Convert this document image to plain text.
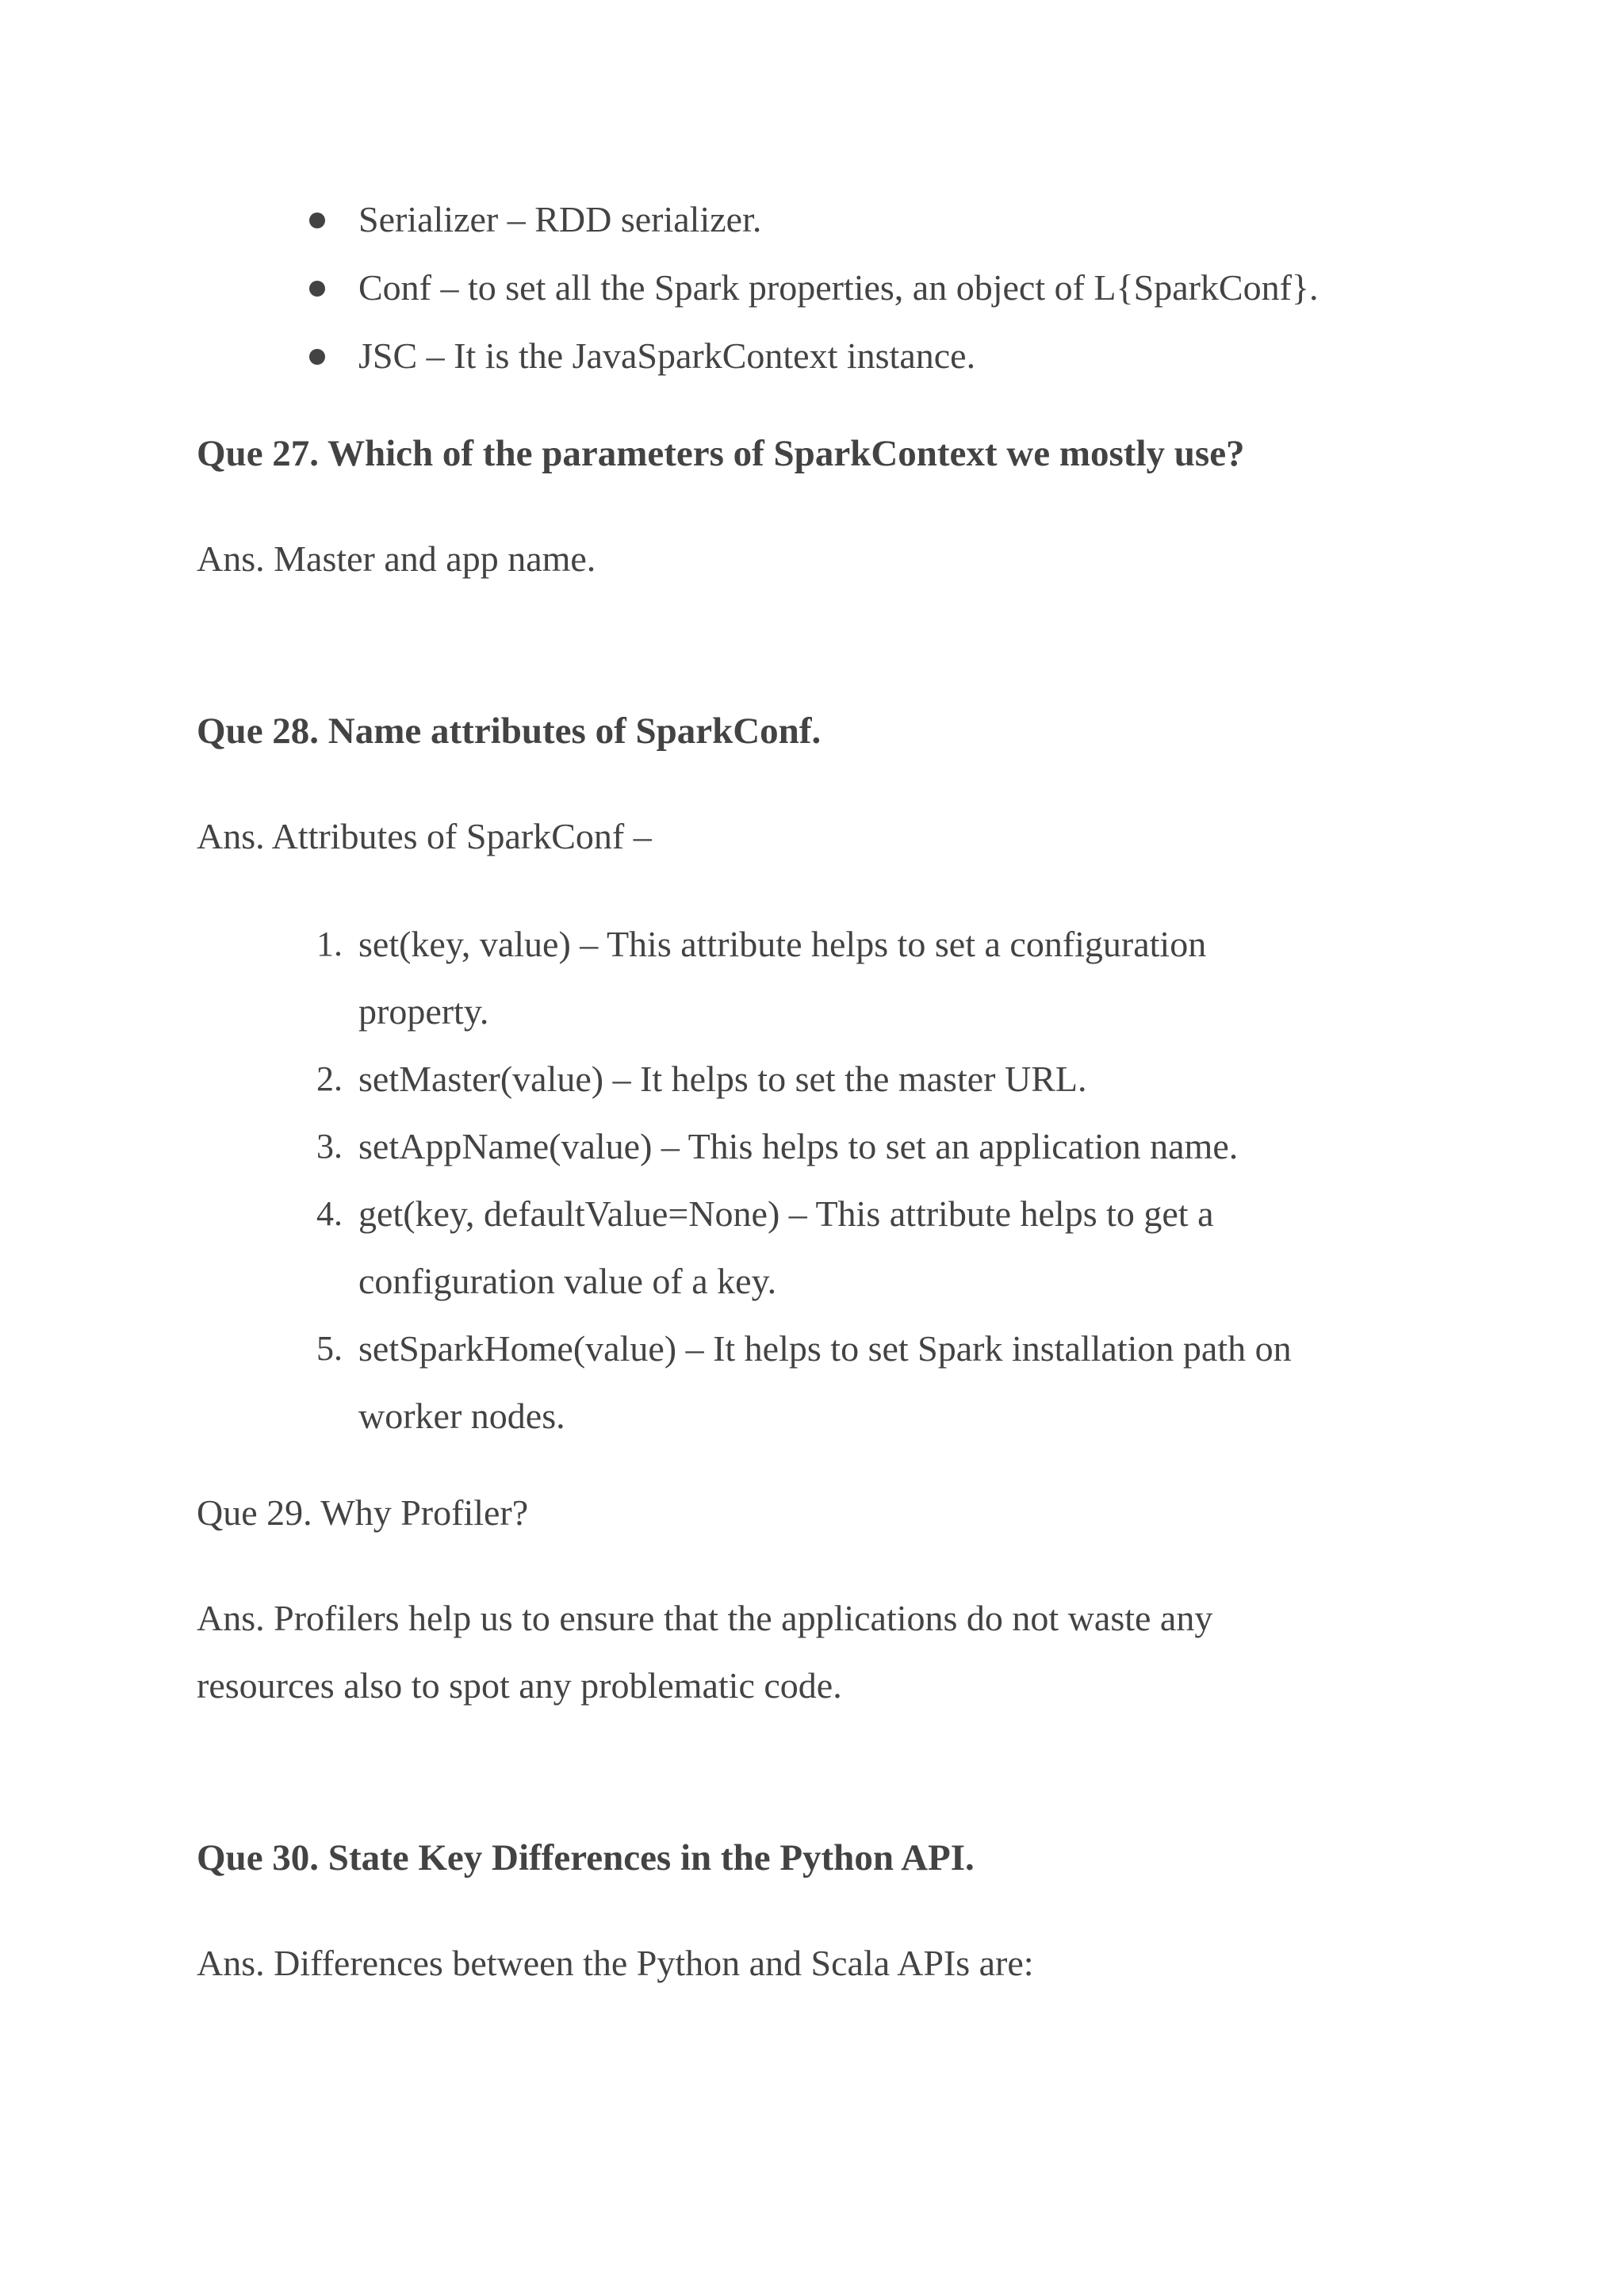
Serializer – RDD serializer.
Conf – to set all the Spark properties, an object of L{SparkConf}.
JSC – It is the JavaSparkContext instance.
Que 27. Which of the parameters of SparkContext we mostly use?
Ans. Master and app name.
Que 28. Name attributes of SparkConf.
Ans. Attributes of SparkConf –
1. set(key, value) – This attribute helps to set a configuration
property.
2. setMaster(value) – It helps to set the master URL.
3. setAppName(value) – This helps to set an application name.
4. get(key, defaultValue=None) – This attribute helps to get a
configuration value of a key.
5. setSparkHome(value) – It helps to set Spark installation path on
worker nodes.
Que 29. Why Profiler?
Ans. Profilers help us to ensure that the applications do not waste any
resources also to spot any problematic code.
Que 30. State Key Differences in the Python API.
Ans. Differences between the Python and Scala APIs are:
